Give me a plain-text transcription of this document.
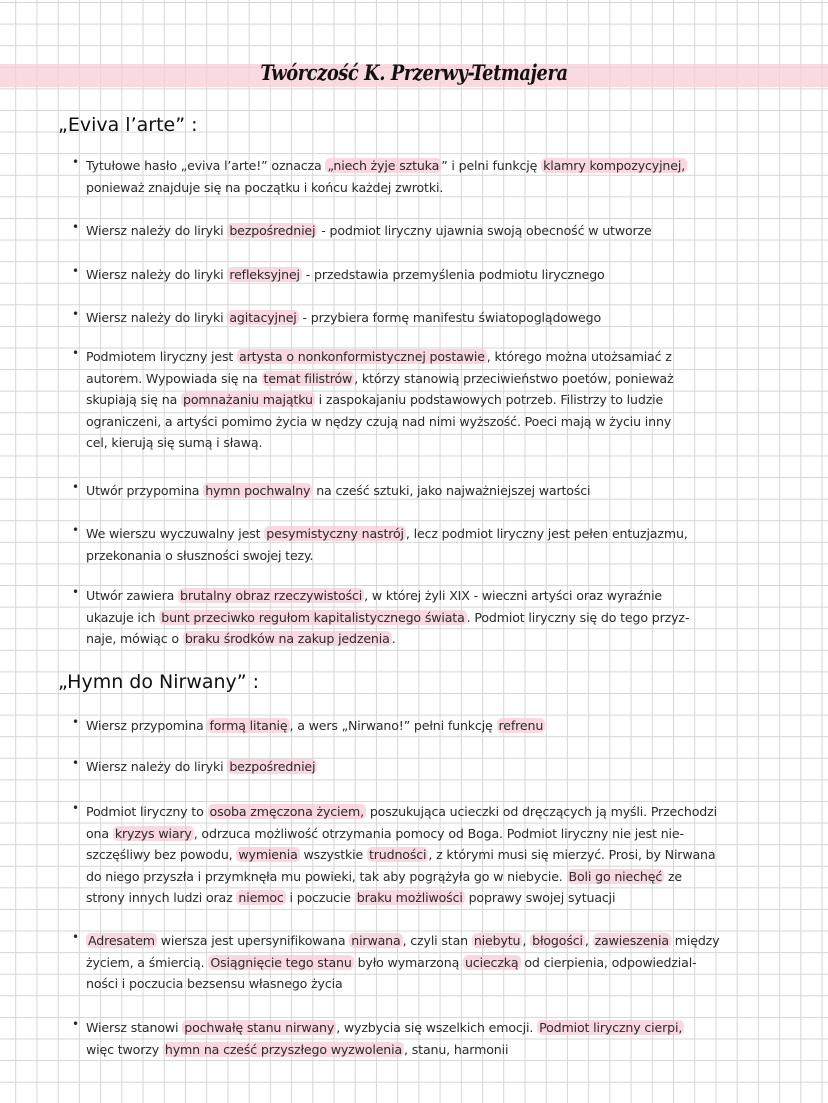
Twórczość K. Przerwy-Tetmajera
„Eviva l’arte” :
• Tytułowe hasło „eviva l’arte!” oznacza „niech żyje sztuka ” i pelni funkcję klamry kompozycyjnej,
ponieważ znajduje się na początku i końcu każdej zwrotki.
• Wiersz należy do liryki bezpośredniej - podmiot liryczny ujawnia swoją obecność w utworze
• Wiersz należy do liryki refleksyjnej - przedstawia przemyślenia podmiotu lirycznego
• Wiersz należy do liryki agitacyjnej - przybiera formę manifestu światopoglądowego
• Podmiotem liryczny jest artysta o nonkonformistycznej postawie , którego można utożsamiać z
autorem. Wypowiada się na temat filistrów , którzy stanowią przeciwieństwo poetów, ponieważ
skupiają się na pomnażaniu majątku i zaspokajaniu podstawowych potrzeb. Filistrzy to ludzie
ograniczeni, a artyści pomimo życia w nędzy czują nad nimi wyższość. Poeci mają w życiu inny
cel, kierują się sumą i sławą.
• Utwór przypomina hymn pochwalny na cześć sztuki, jako najważniejszej wartości
• We wierszu wyczuwalny jest pesymistyczny nastrój , lecz podmiot liryczny jest pełen entuzjazmu,
przekonania o słuszności swojej tezy.
• Utwór zawiera brutalny obraz rzeczywistości , w której żyli XIX - wieczni artyści oraz wyraźnie
ukazuje ich bunt przeciwko regułom kapitalistycznego świata . Podmiot liryczny się do tego przyz-
naje, mówiąc o braku środków na zakup jedzenia .
„Hymn do Nirwany” :
• Wiersz przypomina formą litanię , a wers „Nirwano!” pełni funkcję refrenu
• Wiersz należy do liryki bezpośredniej
• Podmiot liryczny to osoba zmęczona życiem, poszukująca ucieczki od dręczących ją myśli. Przechodzi
ona kryzys wiary , odrzuca możliwość otrzymania pomocy od Boga. Podmiot liryczny nie jest nie-
szczęśliwy bez powodu, wymienia wszystkie trudności , z którymi musi się mierzyć. Prosi, by Nirwana
do niego przyszła i przymknęła mu powieki, tak aby pogrążyła go w niebycie. Boli go niechęć ze
strony innych ludzi oraz niemoc i poczucie braku możliwości poprawy swojej sytuacji
• Adresatem wiersza jest upersynifikowana nirwana , czyli stan niebytu , błogości , zawieszenia między
życiem, a śmiercią. Osiągnięcie tego stanu było wymarzoną ucieczką od cierpienia, odpowiedzial-
ności i poczucia bezsensu własnego życia
• Wiersz stanowi pochwałę stanu nirwany , wyzbycia się wszelkich emocji. Podmiot liryczny cierpi,
więc tworzy hymn na cześć przyszłego wyzwolenia , stanu, harmonii
